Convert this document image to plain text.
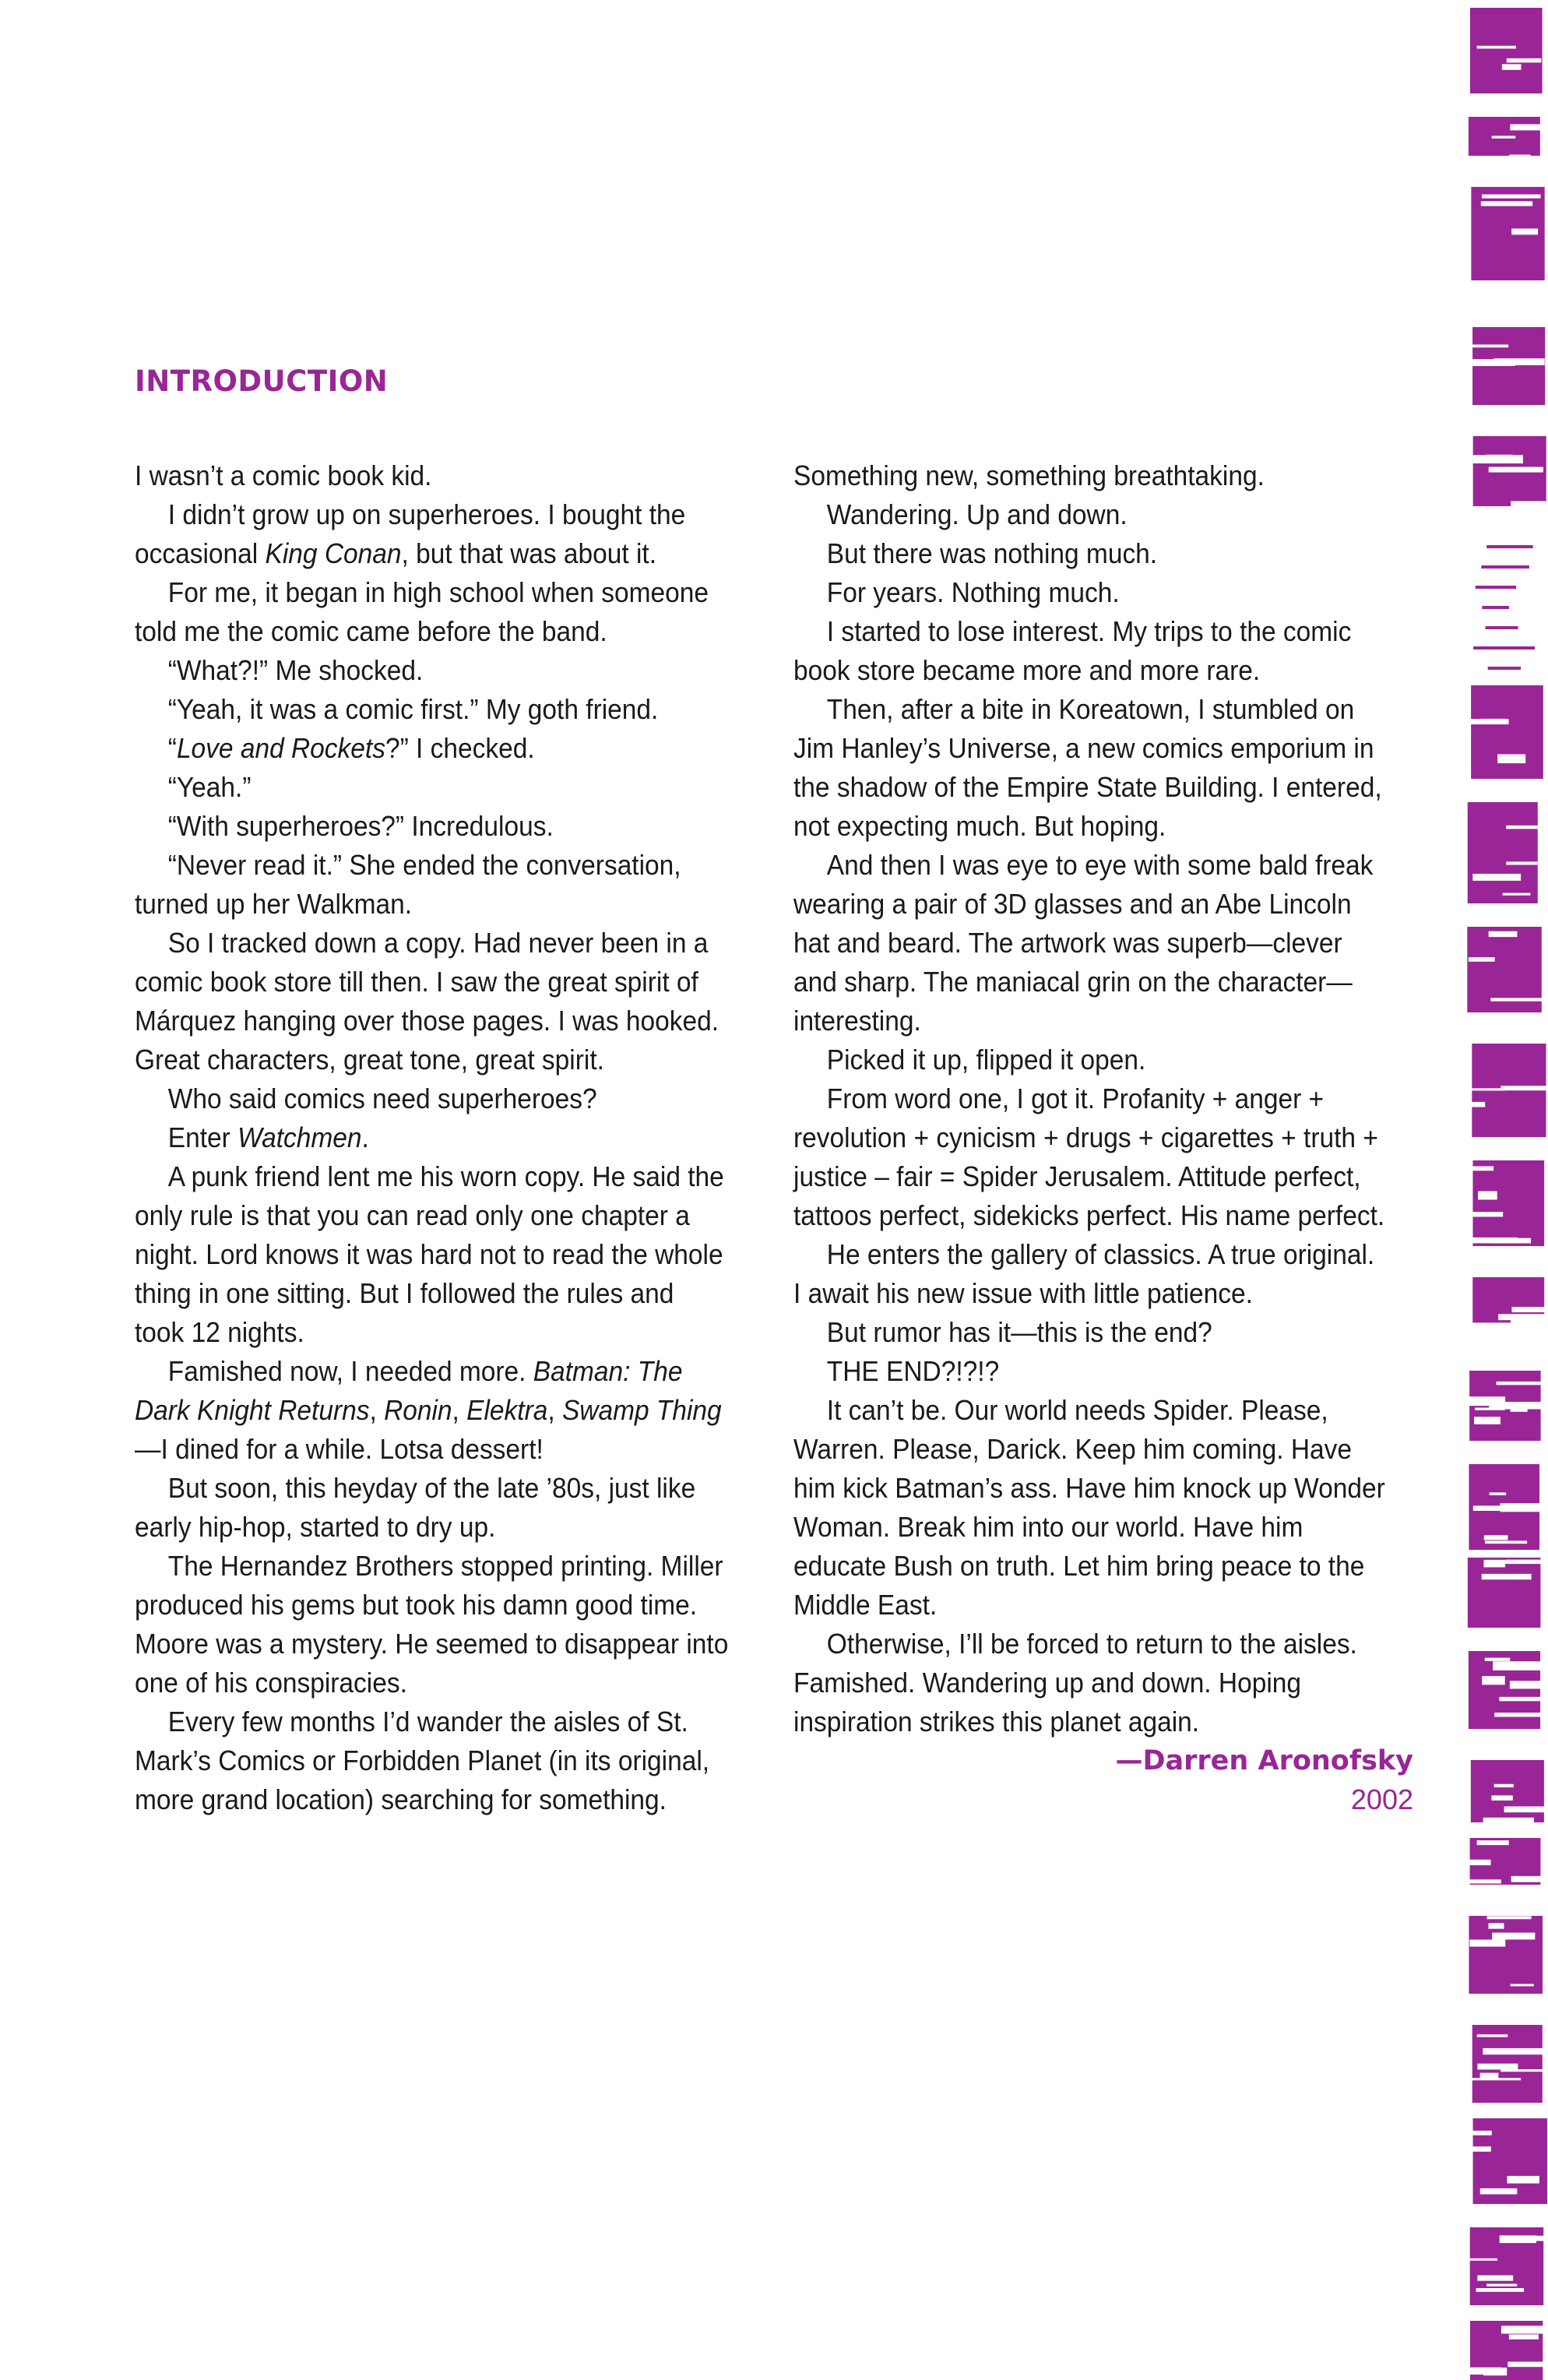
INTRODUCTION

I wasn’t a comic book kid.

I didn’t grow up on superheroes. I bought the occasional King Conan, but that was about it.

For me, it began in high school when someone told me the comic came before the band.

“What?!” Me shocked.

“Yeah, it was a comic first.” My goth friend.

“Love and Rockets?” I checked.

“Yeah.”

“With superheroes?” Incredulous.

“Never read it.” She ended the conversation, turned up her Walkman.

So I tracked down a copy. Had never been in a comic book store till then. I saw the great spirit of Márquez hanging over those pages. I was hooked. Great characters, great tone, great spirit.

Who said comics need superheroes?

Enter Watchmen.

A punk friend lent me his worn copy. He said the only rule is that you can read only one chapter a night. Lord knows it was hard not to read the whole thing in one sitting. But I followed the rules and took 12 nights.

Famished now, I needed more. Batman: The Dark Knight Returns, Ronin, Elektra, Swamp Thing—I dined for a while. Lotsa dessert!

But soon, this heyday of the late ’80s, just like early hip-hop, started to dry up.

The Hernandez Brothers stopped printing. Miller produced his gems but took his damn good time. Moore was a mystery. He seemed to disappear into one of his conspiracies.

Every few months I’d wander the aisles of St. Mark’s Comics or Forbidden Planet (in its original, more grand location) searching for something.

Something new, something breathtaking.

Wandering. Up and down.

But there was nothing much.

For years. Nothing much.

I started to lose interest. My trips to the comic book store became more and more rare.

Then, after a bite in Koreatown, I stumbled on Jim Hanley’s Universe, a new comics emporium in the shadow of the Empire State Building. I entered, not expecting much. But hoping.

And then I was eye to eye with some bald freak wearing a pair of 3D glasses and an Abe Lincoln hat and beard. The artwork was superb—clever and sharp. The maniacal grin on the character—interesting.

Picked it up, flipped it open.

From word one, I got it. Profanity + anger + revolution + cynicism + drugs + cigarettes + truth + justice – fair = Spider Jerusalem. Attitude perfect, tattoos perfect, sidekicks perfect. His name perfect.

He enters the gallery of classics. A true original. I await his new issue with little patience.

But rumor has it—this is the end?

THE END?!?!?

It can’t be. Our world needs Spider. Please, Warren. Please, Darick. Keep him coming. Have him kick Batman’s ass. Have him knock up Wonder Woman. Break him into our world. Have him educate Bush on truth. Let him bring peace to the Middle East.

Otherwise, I’ll be forced to return to the aisles. Famished. Wandering up and down. Hoping inspiration strikes this planet again.

—Darren Aronofsky
2002
